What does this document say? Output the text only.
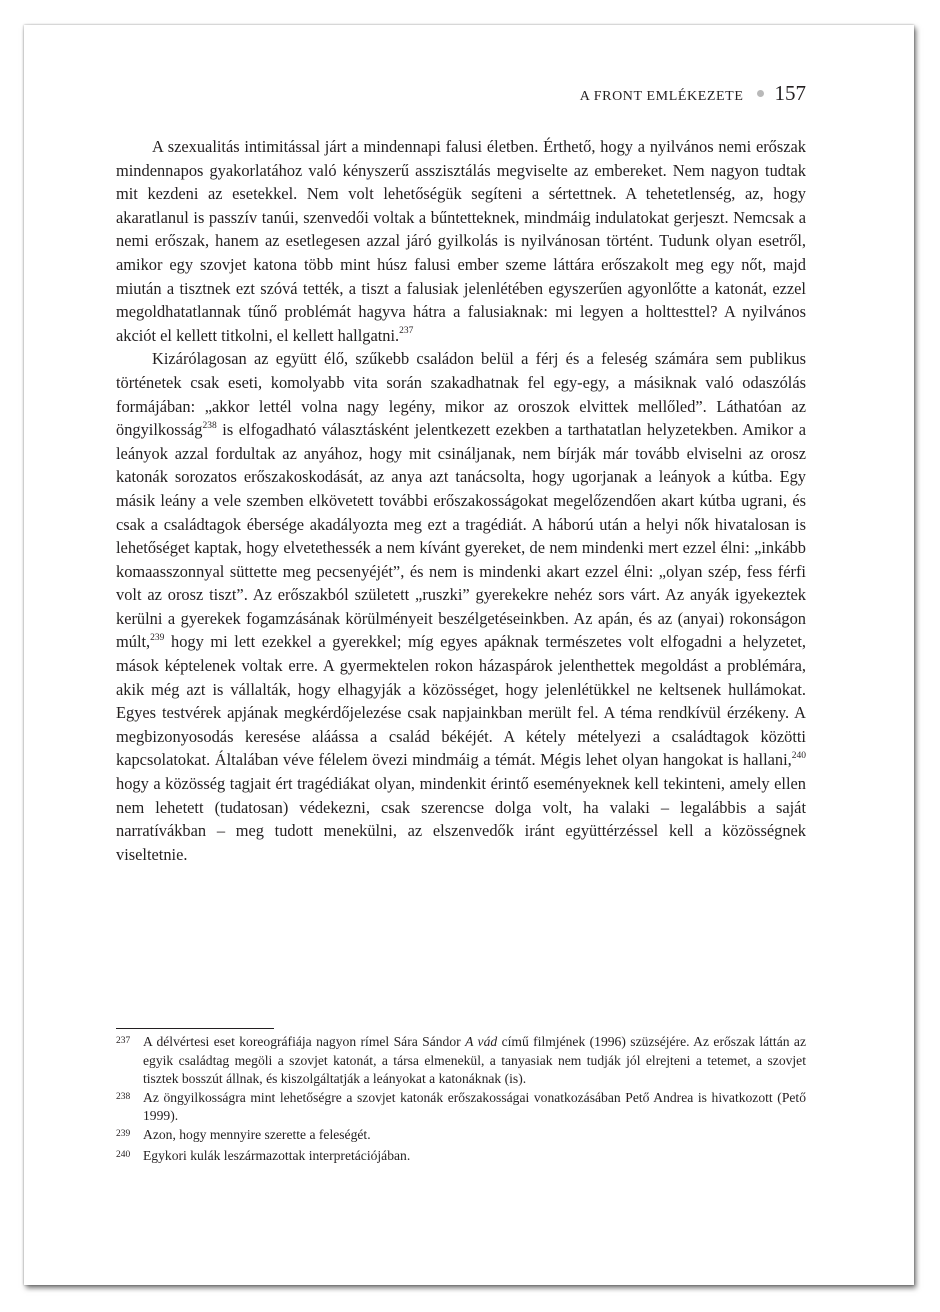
A FRONT EMLÉKEZETE 157

A szexualitás intimitással járt a mindennapi falusi életben. Érthető, hogy a nyilvános nemi erőszak mindennapos gyakorlatához való kényszerű asszisztálás megviselte az embereket. Nem nagyon tudtak mit kezdeni az esetekkel. Nem volt lehetőségük segíteni a sértettnek. A tehetetlenség, az, hogy akaratlanul is passzív tanúi, szenvedői voltak a bűntetteknek, mindmáig indulatokat gerjeszt. Nemcsak a nemi erőszak, hanem az esetlegesen azzal járó gyilkolás is nyilvánosan történt. Tudunk olyan esetről, amikor egy szovjet katona több mint húsz falusi ember szeme láttára erőszakolt meg egy nőt, majd miután a tisztnek ezt szóvá tették, a tiszt a falusiak jelenlétében egyszerűen agyonlőtte a katonát, ezzel megoldhatatlannak tűnő problémát hagyva hátra a falusiaknak: mi legyen a holttesttel? A nyilvános akciót el kellett titkolni, el kellett hallgatni.$^{237}$

Kizárólagosan az együtt élő, szűkebb családon belül a férj és a feleség számára sem publikus történetek csak eseti, komolyabb vita során szakadhatnak fel egy-egy, a másiknak való odaszólás formájában: „akkor lettél volna nagy legény, mikor az oroszok elvittek mellőled”. Láthatóan az öngyilkosság$^{238}$ is elfogadható választásként jelentkezett ezekben a tarthatatlan helyzetekben. Amikor a leányok azzal fordultak az anyához, hogy mit csináljanak, nem bírják már tovább elviselni az orosz katonák sorozatos erőszakoskodását, az anya azt tanácsolta, hogy ugorjanak a leányok a kútba. Egy másik leány a vele szemben elkövetett további erőszakosságokat megelőzendően akart kútba ugrani, és csak a családtagok ébersége akadályozta meg ezt a tragédiát. A háború után a helyi nők hivatalosan is lehetőséget kaptak, hogy elvetethessék a nem kívánt gyereket, de nem mindenki mert ezzel élni: „inkább komaasszonnyal süttette meg pecsenyéjét”, és nem is mindenki akart ezzel élni: „olyan szép, fess férfi volt az orosz tiszt”. Az erőszakból született „ruszki” gyerekekre nehéz sors várt. Az anyák igyekeztek kerülni a gyerekek fogamzásának körülményeit beszélgetéseinkben. Az apán, és az (anyai) rokonságon múlt,$^{239}$ hogy mi lett ezekkel a gyerekkel; míg egyes apáknak természetes volt elfogadni a helyzetet, mások képtelenek voltak erre. A gyermektelen rokon házaspárok jelenthettek megoldást a problémára, akik még azt is vállalták, hogy elhagyják a közösséget, hogy jelenlétükkel ne keltsenek hullámokat. Egyes testvérek apjának megkérdőjelezése csak napjainkban merült fel. A téma rendkívül érzékeny. A megbizonyosodás keresése aláássa a család békéjét. A kétely mételyezi a családtagok közötti kapcsolatokat. Általában véve félelem övezi mindmáig a témát. Mégis lehet olyan hangokat is hallani,$^{240}$ hogy a közösség tagjait ért tragédiákat olyan, mindenkit érintő eseményeknek kell tekinteni, amely ellen nem lehetett (tudatosan) védekezni, csak szerencse dolga volt, ha valaki – legalábbis a saját narratívákban – meg tudott menekülni, az elszenvedők iránt együttérzéssel kell a közösségnek viseltetnie.

237 A délvértesi eset koreográfiája nagyon rímel Sára Sándor A vád című filmjének (1996) szüzséjére. Az erőszak láttán az egyik családtag megöli a szovjet katonát, a társa elmenekül, a tanyasiak nem tudják jól elrejteni a tetemet, a szovjet tisztek bosszút állnak, és kiszolgáltatják a leányokat a katonáknak (is).
238 Az öngyilkosságra mint lehetőségre a szovjet katonák erőszakosságai vonatkozásában Pető Andrea is hivatkozott (Pető 1999).
239 Azon, hogy mennyire szerette a feleségét.
240 Egykori kulák leszármazottak interpretációjában.
